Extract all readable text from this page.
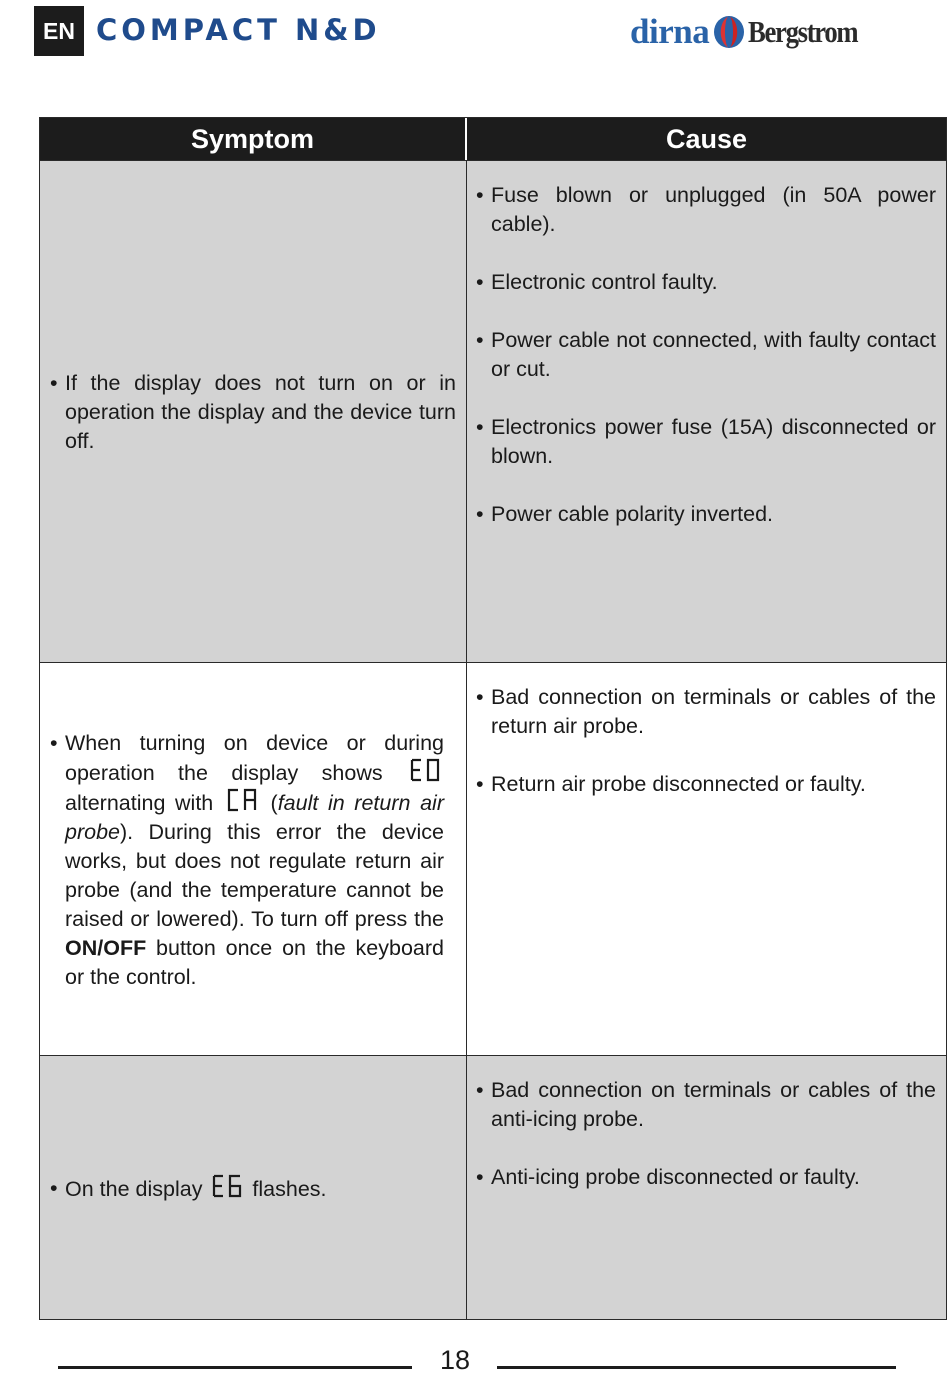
EN COMPACT N&D	dirna Bergstrom
Symptom	Cause
• If the display does not turn on or in operation the display and the device turn off.
• Fuse blown or unplugged (in 50A power cable).
• Electronic control faulty.
• Power cable not connected, with faulty contact or cut.
• Electronics power fuse (15A) disconnected or blown.
• Power cable polarity inverted.
• When turning on device or during operation the display shows
E0
alternating with
CA
(fault in return air probe). During this error the device works, but does not regulate return air probe (and the temperature cannot be raised or lowered). To turn off press the ON/OFF button once on the keyboard or the control.
• Bad connection on terminals or cables of the return air probe.
• Return air probe disconnected or faulty.
• On the display
E6
flashes.
• Bad connection on terminals or cables of the anti-icing probe.
• Anti-icing probe disconnected or faulty.
18
